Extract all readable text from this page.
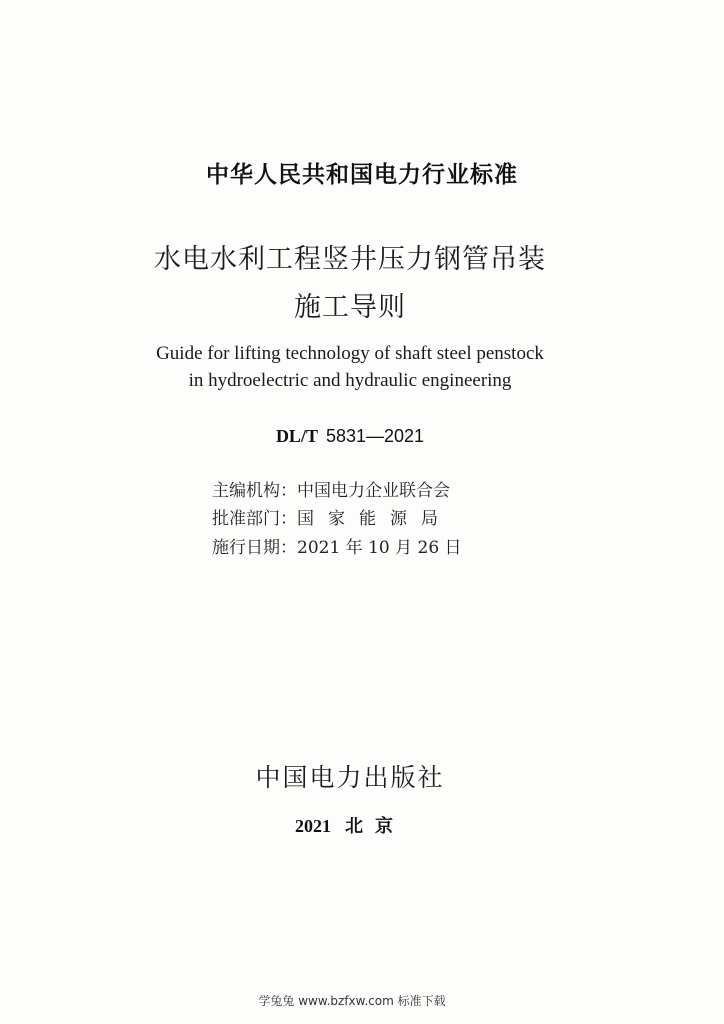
中华人民共和国电力行业标准
水电水利工程竖井压力钢管吊装
施工导则
Guide for lifting technology of shaft steel penstock
in hydroelectric and hydraulic engineering
DL/T 5831—2021
主编机构：中国电力企业联合会
批准部门：国家能源局
施行日期：2021 年 10 月 26 日
中国电力出版社
2021 北京
学兔兔 www.bzfxw.com 标准下载
